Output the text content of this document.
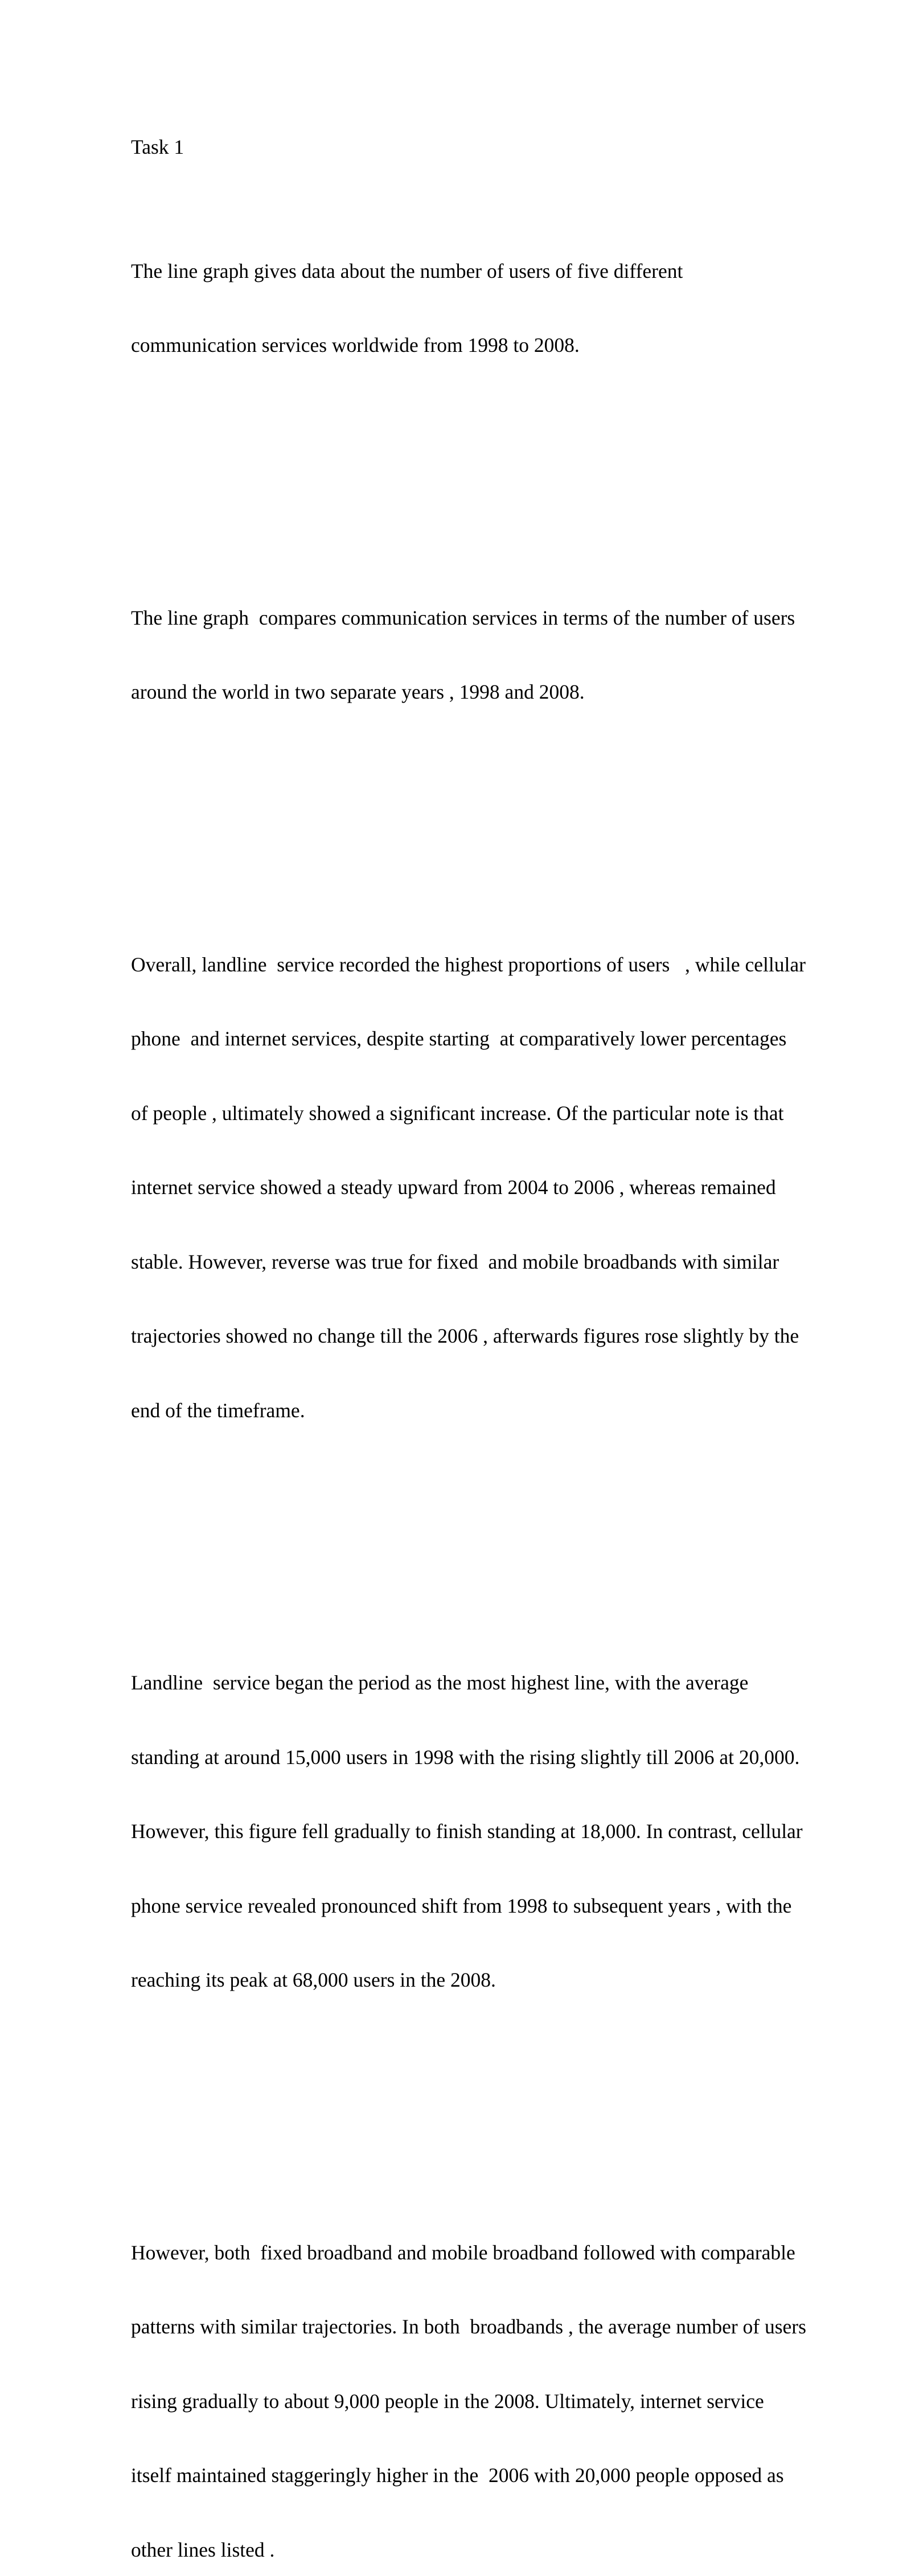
Task 1

The line graph gives data about the number of users of five different

communication services worldwide from 1998 to 2008.

The line graph  compares communication services in terms of the number of users

around the world in two separate years , 1998 and 2008.

Overall, landline  service recorded the highest proportions of users   , while cellular

phone  and internet services, despite starting  at comparatively lower percentages

of people , ultimately showed a significant increase. Of the particular note is that

internet service showed a steady upward from 2004 to 2006 , whereas remained

stable. However, reverse was true for fixed  and mobile broadbands with similar

trajectories showed no change till the 2006 , afterwards figures rose slightly by the

end of the timeframe.

Landline  service began the period as the most highest line, with the average

standing at around 15,000 users in 1998 with the rising slightly till 2006 at 20,000.

However, this figure fell gradually to finish standing at 18,000. In contrast, cellular

phone service revealed pronounced shift from 1998 to subsequent years , with the

reaching its peak at 68,000 users in the 2008.

However, both  fixed broadband and mobile broadband followed with comparable

patterns with similar trajectories. In both  broadbands , the average number of users

rising gradually to about 9,000 people in the 2008. Ultimately, internet service

itself maintained staggeringly higher in the  2006 with 20,000 people opposed as

other lines listed .
